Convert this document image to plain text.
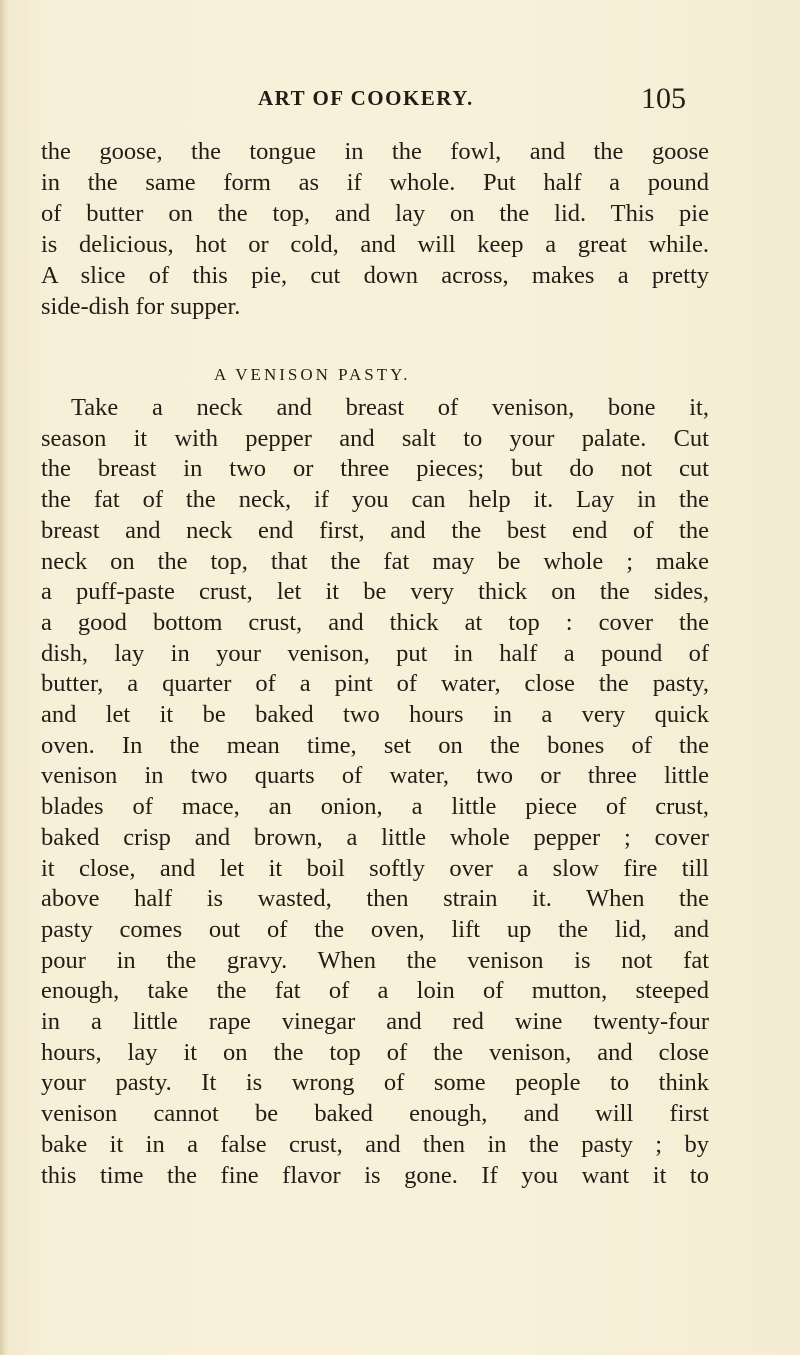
ART OF COOKERY.	105

the goose, the tongue in the fowl, and the goose
in the same form as if whole. Put half a pound
of butter on the top, and lay on the lid. This pie
is delicious, hot or cold, and will keep a great while.
A slice of this pie, cut down across, makes a pretty
side-dish for supper.

A VENISON PASTY.

Take a neck and breast of venison, bone it,
season it with pepper and salt to your palate. Cut
the breast in two or three pieces; but do not cut
the fat of the neck, if you can help it. Lay in the
breast and neck end first, and the best end of the
neck on the top, that the fat may be whole ; make
a puff-paste crust, let it be very thick on the sides,
a good bottom crust, and thick at top : cover the
dish, lay in your venison, put in half a pound of
butter, a quarter of a pint of water, close the pasty,
and let it be baked two hours in a very quick
oven. In the mean time, set on the bones of the
venison in two quarts of water, two or three little
blades of mace, an onion, a little piece of crust,
baked crisp and brown, a little whole pepper ; cover
it close, and let it boil softly over a slow fire till
above half is wasted, then strain it. When the
pasty comes out of the oven, lift up the lid, and
pour in the gravy. When the venison is not fat
enough, take the fat of a loin of mutton, steeped
in a little rape vinegar and red wine twenty-four
hours, lay it on the top of the venison, and close
your pasty. It is wrong of some people to think
venison cannot be baked enough, and will first
bake it in a false crust, and then in the pasty ; by
this time the fine flavor is gone. If you want it to
